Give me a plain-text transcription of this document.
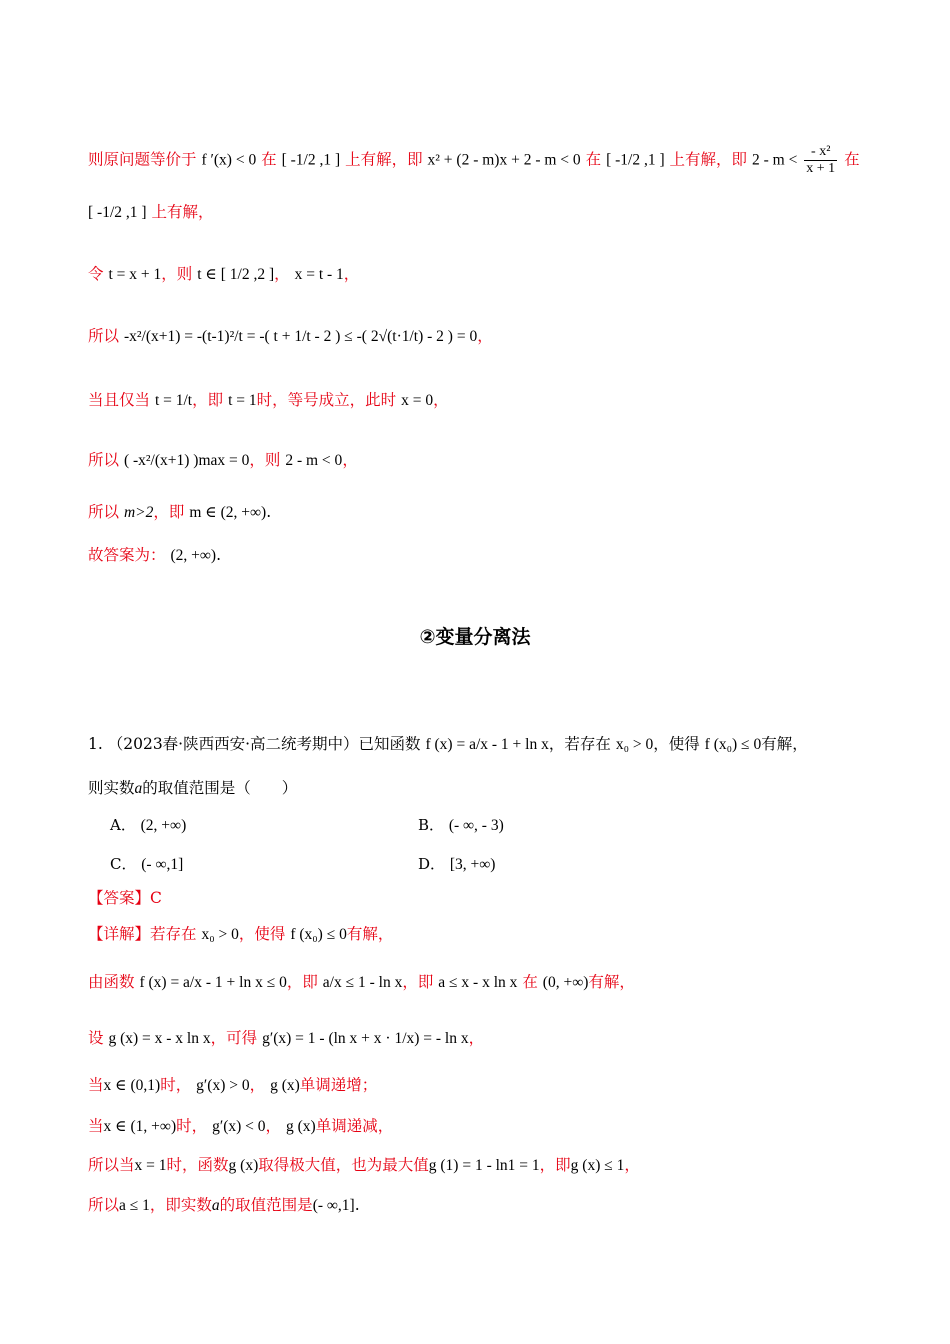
则原问题等价于 f ′(x) < 0 在 [ -1/2 ,1 ] 上有解，即 x² + (2 - m)x + 2 - m < 0 在 [ -1/2 ,1 ] 上有解，即 $2 - m < \frac{\text{- x²}}{x + 1}$ 在
[ -1/2 ,1 ] 上有解，
令 t = x + 1，则 t ∈ [ 1/2 ,2 ]， x = t - 1，
所以 -x²/(x+1) = -(t-1)²/t = -( t + 1/t - 2 ) ≤ -( 2√(t·1/t) - 2 ) = 0，
当且仅当 t = 1/t，即 t = 1时，等号成立，此时 x = 0，
所以 ( -x²/(x+1) )max = 0，则 2 - m < 0，
所以 m>2，即 m ∈ (2, +∞).
故答案为： (2, +∞).
②变量分离法
1. （2023春·陕西西安·高二统考期中）已知函数 f (x) = a/x - 1 + ln x，若存在 x₀ > 0，使得 f (x₀) ≤ 0有解，
则实数a的取值范围是（　　）
A． (2, +∞)	B． (- ∞, - 3)
C． (- ∞,1]	D． [3, +∞)
【答案】C
【详解】若存在 x₀ > 0，使得 f (x₀) ≤ 0有解，
由函数 f (x) = a/x - 1 + ln x ≤ 0，即 a/x ≤ 1 - ln x，即 a ≤ x - x ln x 在 (0, +∞)有解，
设 g (x) = x - x ln x，可得 g′(x) = 1 - (ln x + x · 1/x) = - ln x，
当x ∈ (0,1)时， g′(x) > 0， g (x)单调递增；
当x ∈ (1, +∞)时， g′(x) < 0， g (x)单调递减，
所以当x = 1时，函数g (x)取得极大值，也为最大值g (1) = 1 - ln1 = 1，即g (x) ≤ 1，
所以a ≤ 1，即实数a的取值范围是(- ∞,1].
